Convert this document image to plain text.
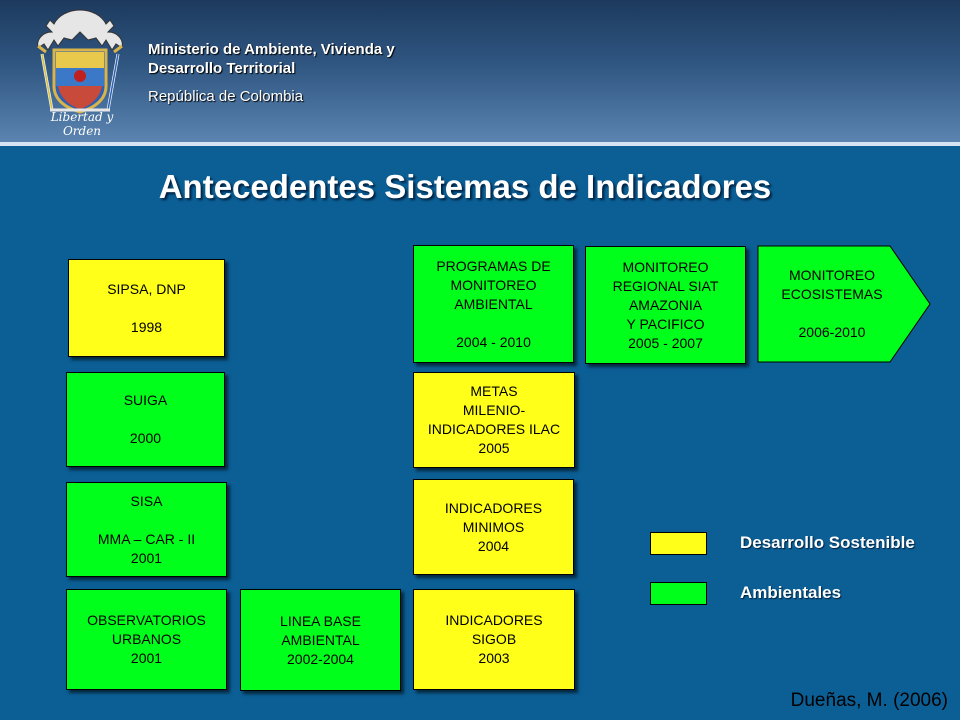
Libertad y Orden
Ministerio de Ambiente, Vivienda y
Desarrollo Territorial
República de Colombia
Antecedentes Sistemas de Indicadores
SIPSA, DNP

1998
SUIGA

2000
SISA

MMA – CAR - II
2001
OBSERVATORIOS
URBANOS
2001
LINEA BASE
AMBIENTAL
2002-2004
PROGRAMAS DE
MONITOREO
AMBIENTAL

2004 - 2010
MONITOREO
REGIONAL SIAT
AMAZONIA
Y PACIFICO
2005 - 2007
MONITOREO
ECOSISTEMAS

2006-2010
METAS
MILENIO-
INDICADORES ILAC
2005
INDICADORES
MINIMOS
2004
INDICADORES
SIGOB
2003
Desarrollo Sostenible
Ambientales
Dueñas, M. (2006)
